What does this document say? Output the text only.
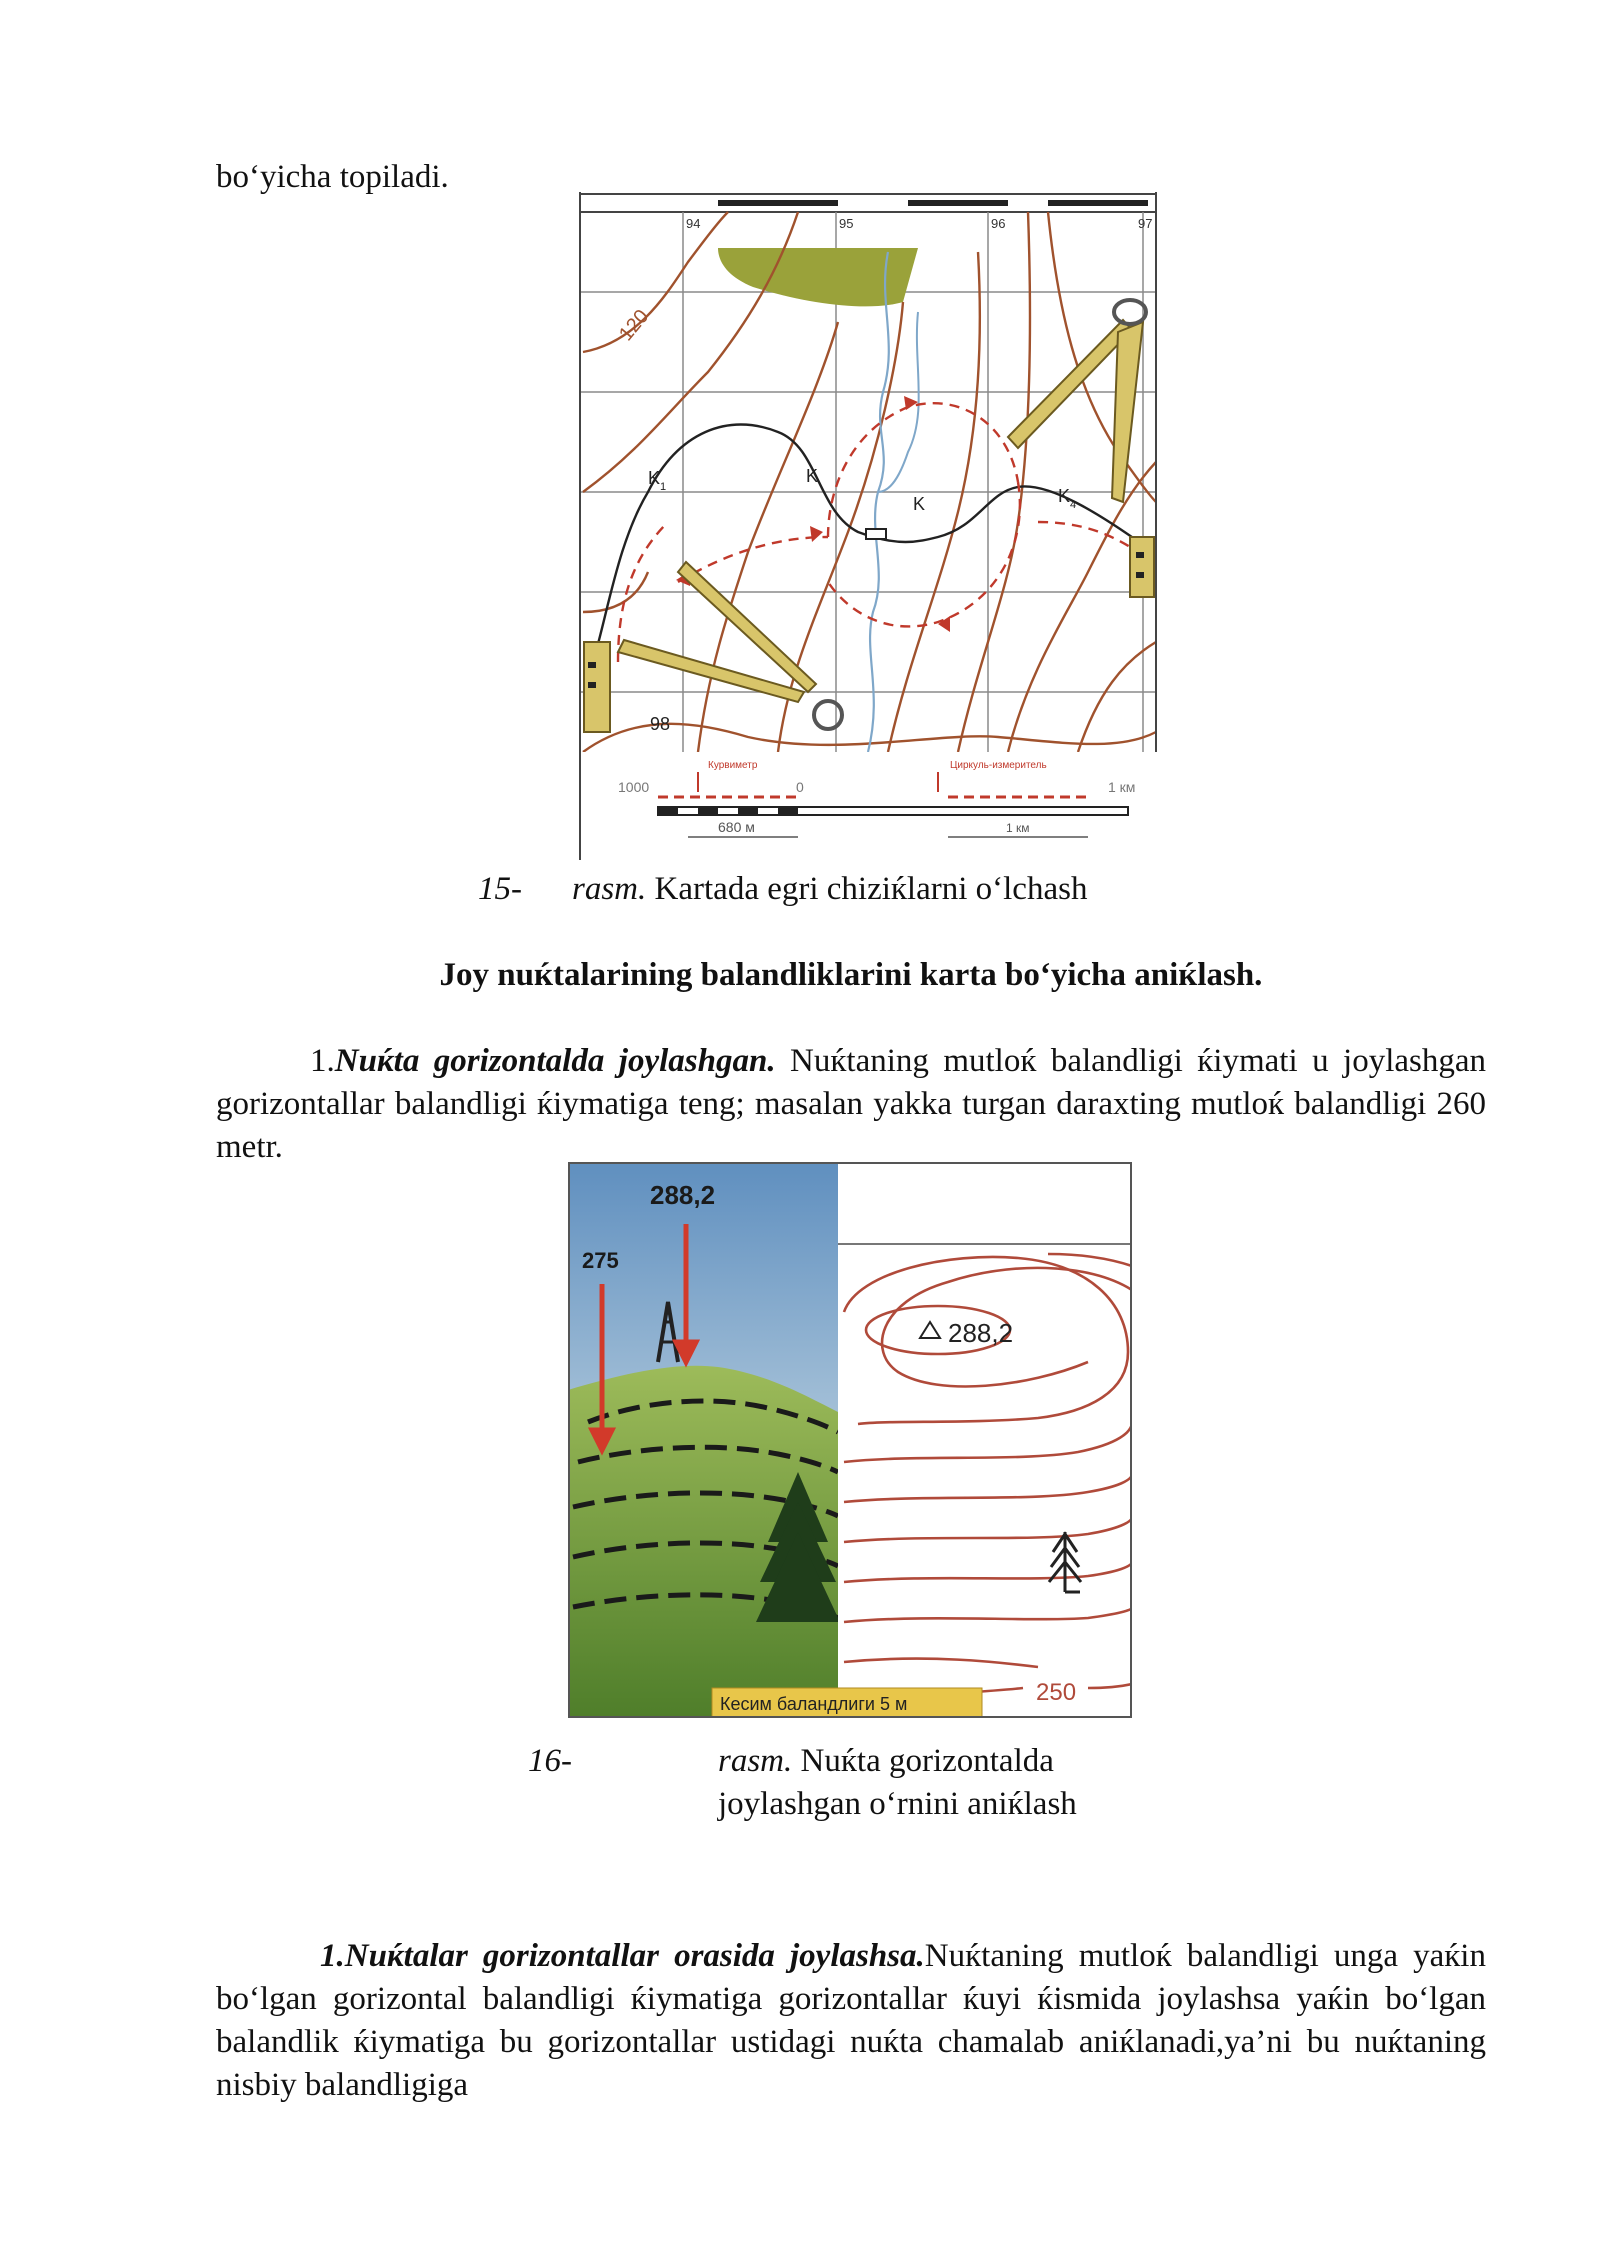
bo‘yicha topiladi.
K 1
K
K	K 4
94	95	96	97
120
98
Курвиметр	Циркуль-измеритель
1000	0	1 км
680 м	1 км
15- rasm. Kartada egri chiziќlarni o‘lchash
Joy nuќtalarining balandliklarini karta bo‘yicha aniќlash.
1.Nuќta gorizontalda joylashgan. Nuќtaning mutloќ balandligi ќiymati u joylashgan gorizontallar balandligi ќiymatiga teng; masalan yakka turgan daraxting mutloќ balandligi 260 metr.
288,2
275
288,2
250
Кесим баландлиги 5 м
16-	rasm. Nuќta gorizontalda
joylashgan o‘rnini aniќlash
1.Nuќtalar gorizontallar orasida joylashsa.Nuќtaning mutloќ balandligi unga yaќin bo‘lgan gorizontal balandligi ќiymatiga gorizontallar ќuyi ќismida joylashsa yaќin bo‘lgan balandlik ќiymatiga bu gorizontallar ustidagi nuќta chamalab aniќlanadi,ya’ni bu nuќtaning nisbiy balandligiga
